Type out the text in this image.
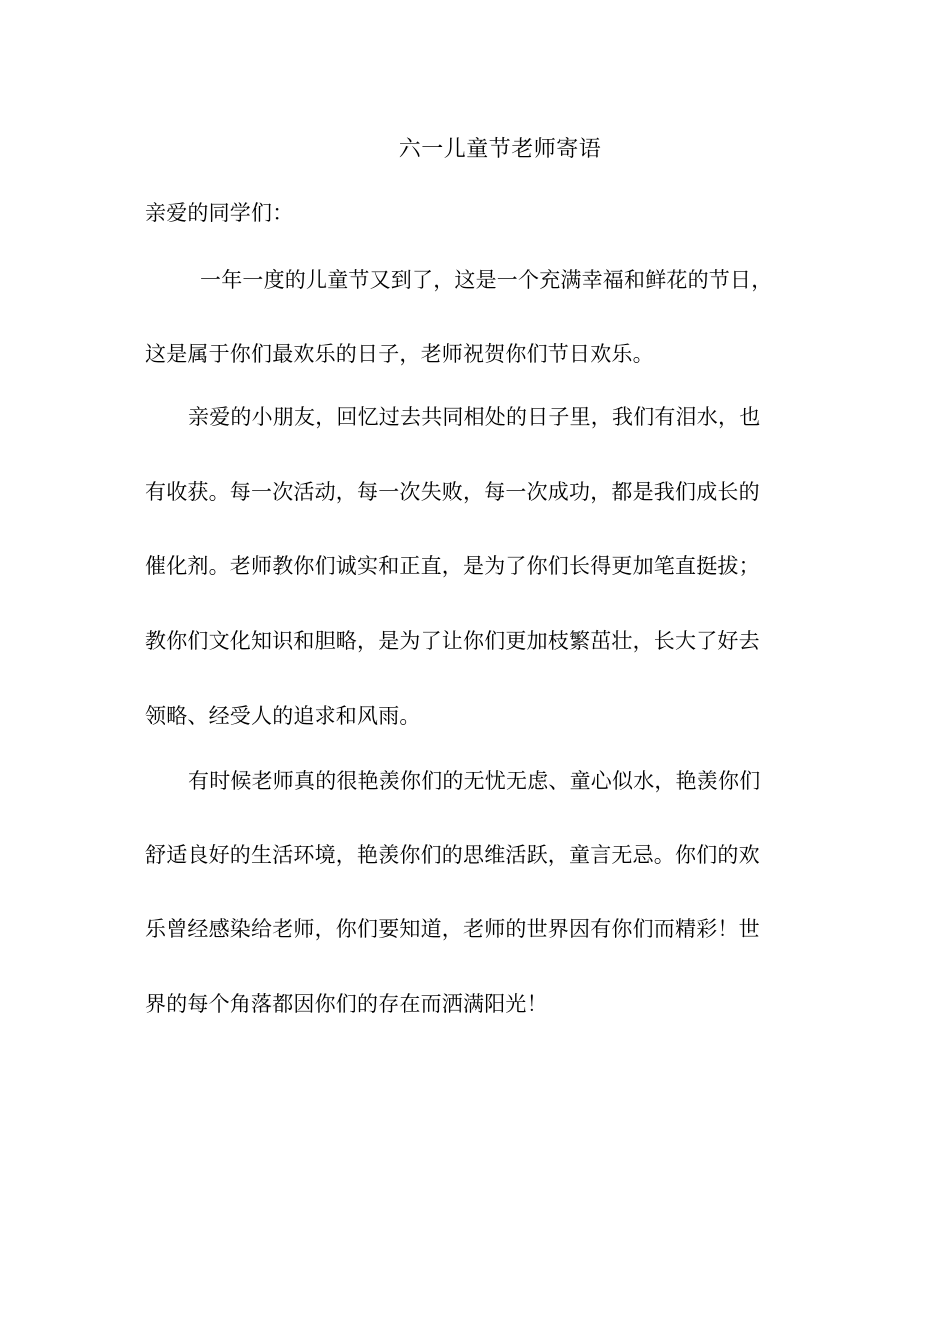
六一儿童节老师寄语
亲爱的同学们：
一年一度的儿童节又到了，这是一个充满幸福和鲜花的节日，
这是属于你们最欢乐的日子，老师祝贺你们节日欢乐。
亲爱的小朋友，回忆过去共同相处的日子里，我们有泪水，也
有收获。每一次活动，每一次失败，每一次成功，都是我们成长的
催化剂。老师教你们诚实和正直，是为了你们长得更加笔直挺拔；
教你们文化知识和胆略，是为了让你们更加枝繁茁壮，长大了好去
领略、经受人的追求和风雨。
有时候老师真的很艳羡你们的无忧无虑、童心似水，艳羡你们
舒适良好的生活环境，艳羡你们的思维活跃，童言无忌。你们的欢
乐曾经感染给老师，你们要知道，老师的世界因有你们而精彩！世
界的每个角落都因你们的存在而洒满阳光！
